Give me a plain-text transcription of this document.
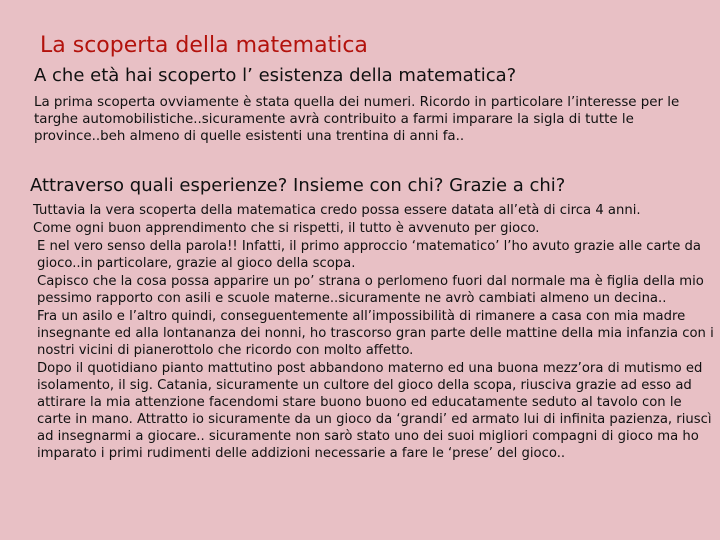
La scoperta della matematica
A che età hai scoperto l’ esistenza della matematica?
La prima scoperta ovviamente è stata quella dei numeri. Ricordo in particolare l’interesse per le targhe automobilistiche..sicuramente avrà contribuito a farmi imparare la sigla di tutte le province..beh almeno di quelle esistenti una trentina di anni fa..
Attraverso quali esperienze? Insieme con chi? Grazie a chi?
Tuttavia la vera scoperta della matematica credo possa essere datata all’età di circa 4 anni.
Come ogni buon apprendimento che si rispetti, il tutto è avvenuto per gioco.
E nel vero senso della parola!! Infatti, il primo approccio ‘matematico’ l’ho avuto grazie alle carte da gioco..in particolare, grazie al gioco della scopa.
Capisco che la cosa possa apparire un po’ strana o perlomeno fuori dal normale ma è figlia della mio pessimo rapporto con asili e scuole materne..sicuramente ne avrò cambiati almeno un decina..
Fra un asilo e l’altro quindi, conseguentemente all’impossibilità di rimanere a casa con mia madre insegnante ed alla lontananza dei nonni, ho trascorso gran parte delle mattine della mia infanzia con i nostri vicini di pianerottolo che ricordo con molto affetto.
Dopo il quotidiano pianto mattutino post abbandono materno ed una buona mezz’ora di mutismo ed isolamento, il sig. Catania, sicuramente un cultore del gioco della scopa, riusciva grazie ad esso ad attirare la mia attenzione facendomi stare buono buono ed educatamente seduto al tavolo con le carte in mano. Attratto io sicuramente da un gioco da ‘grandi’ ed armato lui di infinita pazienza, riuscì ad insegnarmi a giocare.. sicuramente non sarò stato uno dei suoi migliori compagni di gioco ma ho imparato i primi rudimenti delle addizioni necessarie a fare le ‘prese’ del gioco..
